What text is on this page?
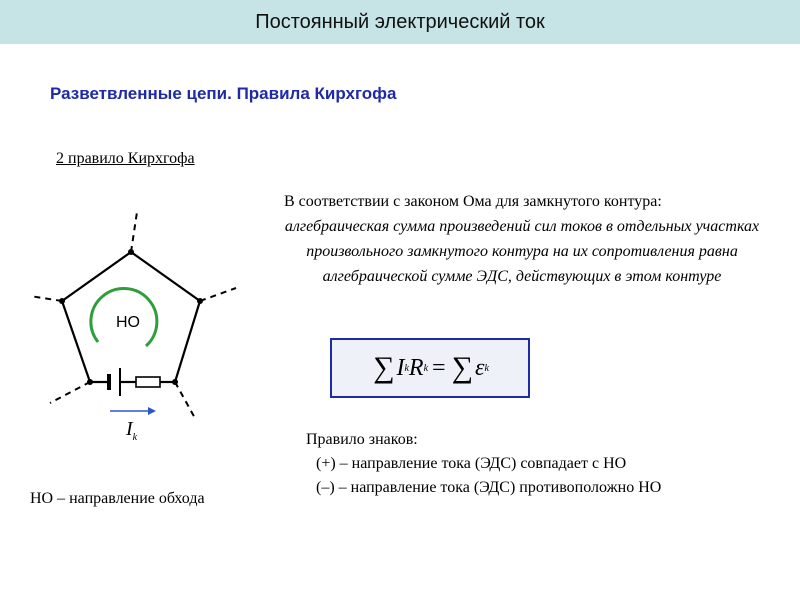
Постоянный электрический ток
Разветвленные цепи. Правила Кирхгофа
2 правило Кирхгофа
НО
$I_k$
НО – направление обхода
В соответствии с законом Ома для замкнутого контура:
алгебраическая сумма произведений сил токов в отдельных участках произвольного замкнутого контура на их сопротивления равна алгебраической сумме ЭДС, действующих в этом контуре
∑ I k R k = ∑ ε k
Правило знаков:
(+) – направление тока (ЭДС) совпадает с НО
(–) – направление тока (ЭДС) противоположно НО
